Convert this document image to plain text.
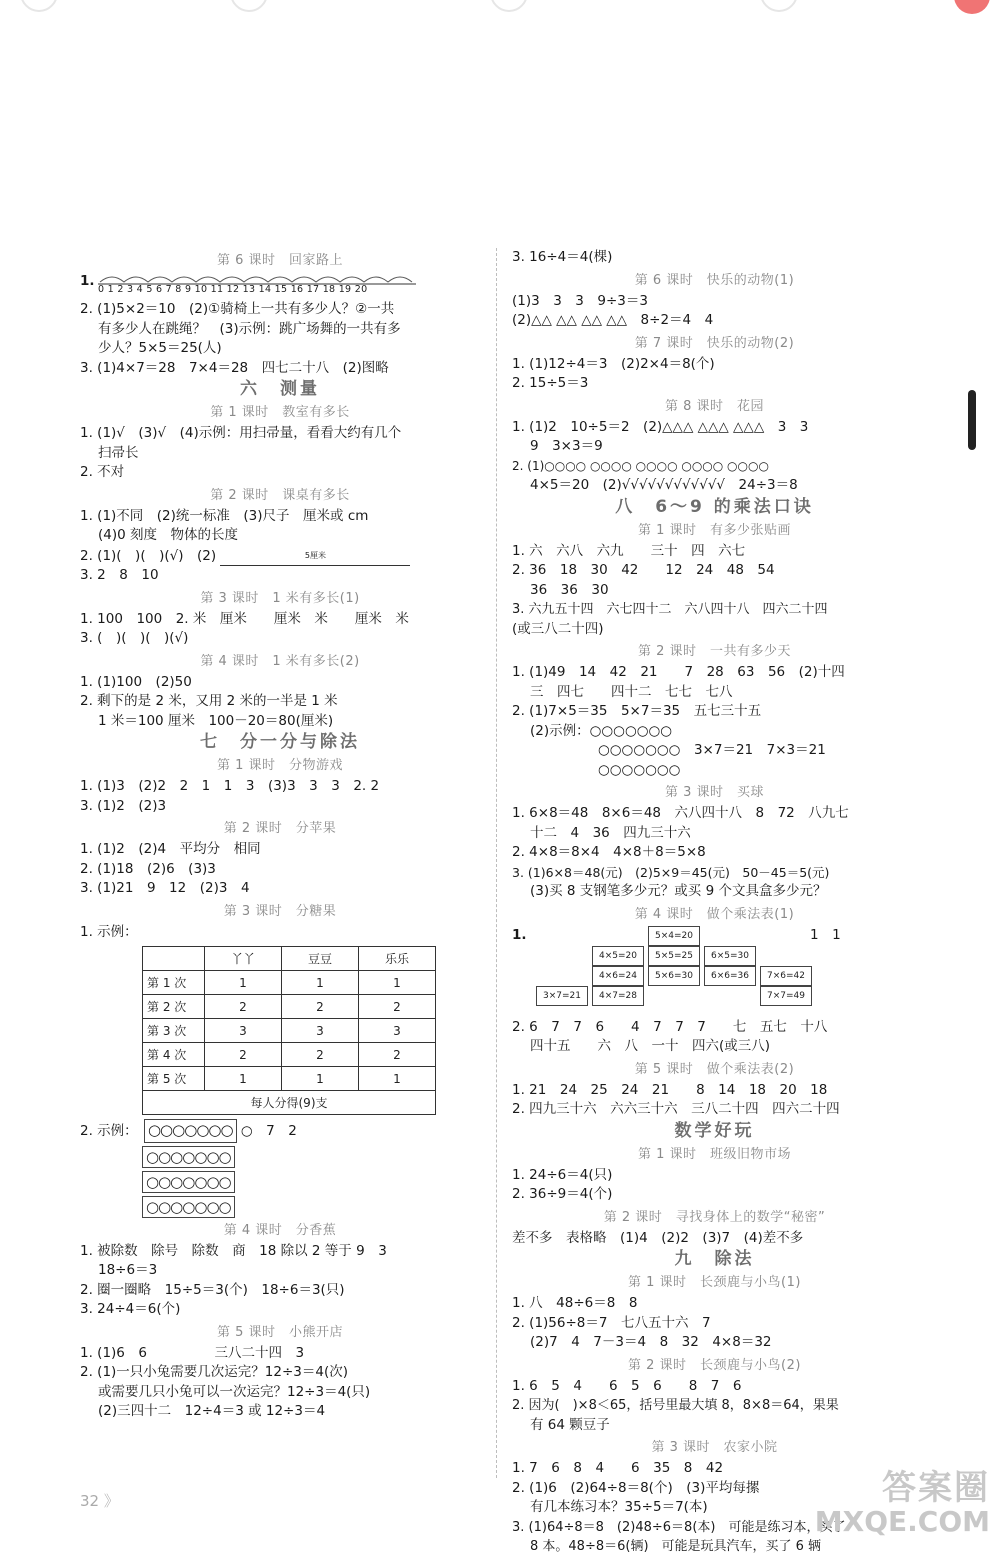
第 6 课时　回家路上
1.
0 1 2 3 4 5 6 7 8 9 10 11 12 13 14 15 16 17 18 19 20
2. (1)5×2＝10　(2)①骑椅上一共有多少人？②一共
有多少人在跳绳？　(3)示例：跳广场舞的一共有多
少人？5×5＝25(人)
3. (1)4×7＝28　7×4＝28　四七二十八　(2)图略
六　测量
第 1 课时　教室有多长
1. (1)√　(3)√　(4)示例：用扫帚量，看看大约有几个
扫帚长
2. 不对
第 2 课时　课桌有多长
1. (1)不同　(2)统一标准　(3)尺子　厘米或 cm
(4)0 刻度　物体的长度
2. (1)(　)(　)(√)　(2)	5厘米
3. 2　8　10
第 3 课时　1 米有多长(1)
1. 100　100　2. 米　厘米　　厘米　米　　厘米　米
3. (　)(　)(　)(√)
第 4 课时　1 米有多长(2)
1. (1)100　(2)50
2. 剩下的是 2 米，又用 2 米的一半是 1 米
1 米＝100 厘米　100－20＝80(厘米)
七　分一分与除法
第 1 课时　分物游戏
1. (1)3　(2)2　2　1　1　3　(3)3　3　3　2. 2
3. (1)2　(2)3
第 2 课时　分苹果
1. (1)2　(2)4　平均分　相同
2. (1)18　(2)6　(3)3
3. (1)21　9　12　(2)3　4
第 3 课时　分糖果
1. 示例：
	丫丫	豆豆	乐乐
第 1 次	1	1	1
第 2 次	2	2	2
第 3 次	3	3	3
第 4 次	2	2	2
第 5 次	1	1	1
每人分得(9)支			
2. 示例： ○○○○○○○ ○　7　2
○○○○○○○
○○○○○○○
○○○○○○○
第 4 课时　分香蕉
1. 被除数　除号　除数　商　18 除以 2 等于 9　3
18÷6＝3
2. 圈一圈略　15÷5＝3(个)　18÷6＝3(只)
3. 24÷4＝6(个)
第 5 课时　小熊开店
1. (1)6　6　　　　　三八二十四　3
2. (1)一只小兔需要几次运完？12÷3＝4(次)
或需要几只小兔可以一次运完？12÷3＝4(只)
(2)三四十二　12÷4＝3 或 12÷3＝4
3. 16÷4＝4(棵)
第 6 课时　快乐的动物(1)
(1)3　3　3　9÷3＝3
(2)△△ △△ △△ △△　8÷2＝4　4
第 7 课时　快乐的动物(2)
1. (1)12÷4＝3　(2)2×4＝8(个)
2. 15÷5＝3
第 8 课时　花园
1. (1)2　10÷5＝2　(2)△△△ △△△ △△△　3　3
9　3×3＝9
2. (1)○○○○ ○○○○ ○○○○ ○○○○ ○○○○
4×5＝20　(2)√√√√√√√√√√√√　24÷3＝8
八　6～9 的乘法口诀
第 1 课时　有多少张贴画
1. 六　六八　六九　　三十　四　六七
2. 36　18　30　42　　12　24　48　54
36　36　30
3. 六九五十四　六七四十二　六八四十八　四六二十四
(或三八二十四)
第 2 课时　一共有多少天
1. (1)49　14　42　21　　7　28　63　56　(2)十四
三　四七　　四十二　七七　七八
2. (1)7×5＝35　5×7＝35　五七三十五
(2)示例：○○○○○○○
○○○○○○○　3×7＝21　7×3＝21
○○○○○○○
第 3 课时　买球
1. 6×8＝48　8×6＝48　六八四十八　8　72　八九七
十二　4　36　四九三十六
2. 4×8＝8×4　4×8＋8＝5×8
3. (1)6×8＝48(元)　(2)5×9＝45(元)　50－45＝5(元)
(3)买 8 支钢笔多少元？或买 9 个文具盒多少元？
第 4 课时　做个乘法表(1)
1.	1　1
5×4=20
4×5=20	5×5=25	6×5=30
4×6=24	5×6=30	6×6=36	7×6=42
3×7=21	4×7=28	7×7=49
2. 6　7　7　6　　4　7　7　7　　七　五七　十八
四十五　　六　八　一十　四六(或三八)
第 5 课时　做个乘法表(2)
1. 21　24　25　24　21　　8　14　18　20　18
2. 四九三十六　六六三十六　三八二十四　四六二十四
数学好玩
第 1 课时　班级旧物市场
1. 24÷6＝4(只)
2. 36÷9＝4(个)
第 2 课时　寻找身体上的数学“秘密”
差不多　表格略　(1)4　(2)2　(3)7　(4)差不多
九　除法
第 1 课时　长颈鹿与小鸟(1)
1. 八　48÷6＝8　8
2. (1)56÷8＝7　七八五十六　7
(2)7　4　7－3＝4　8　32　4×8＝32
第 2 课时　长颈鹿与小鸟(2)
1. 6　5　4　　6　5　6　　8　7　6
2. 因为(　)×8＜65，括号里最大填 8，8×8＝64，果果
有 64 颗豆子
第 3 课时　农家小院
1. 7　6　8　4　　6　35　8　42
2. (1)6　(2)64÷8＝8(个)　(3)平均每摞
有几本练习本？35÷5＝7(本)
3. (1)64÷8＝8　(2)48÷6＝8(本)　可能是练习本，买了
8 本。48÷8＝6(辆)　可能是玩具汽车，买了 6 辆
32 》	答案圈
MXQE.COM
